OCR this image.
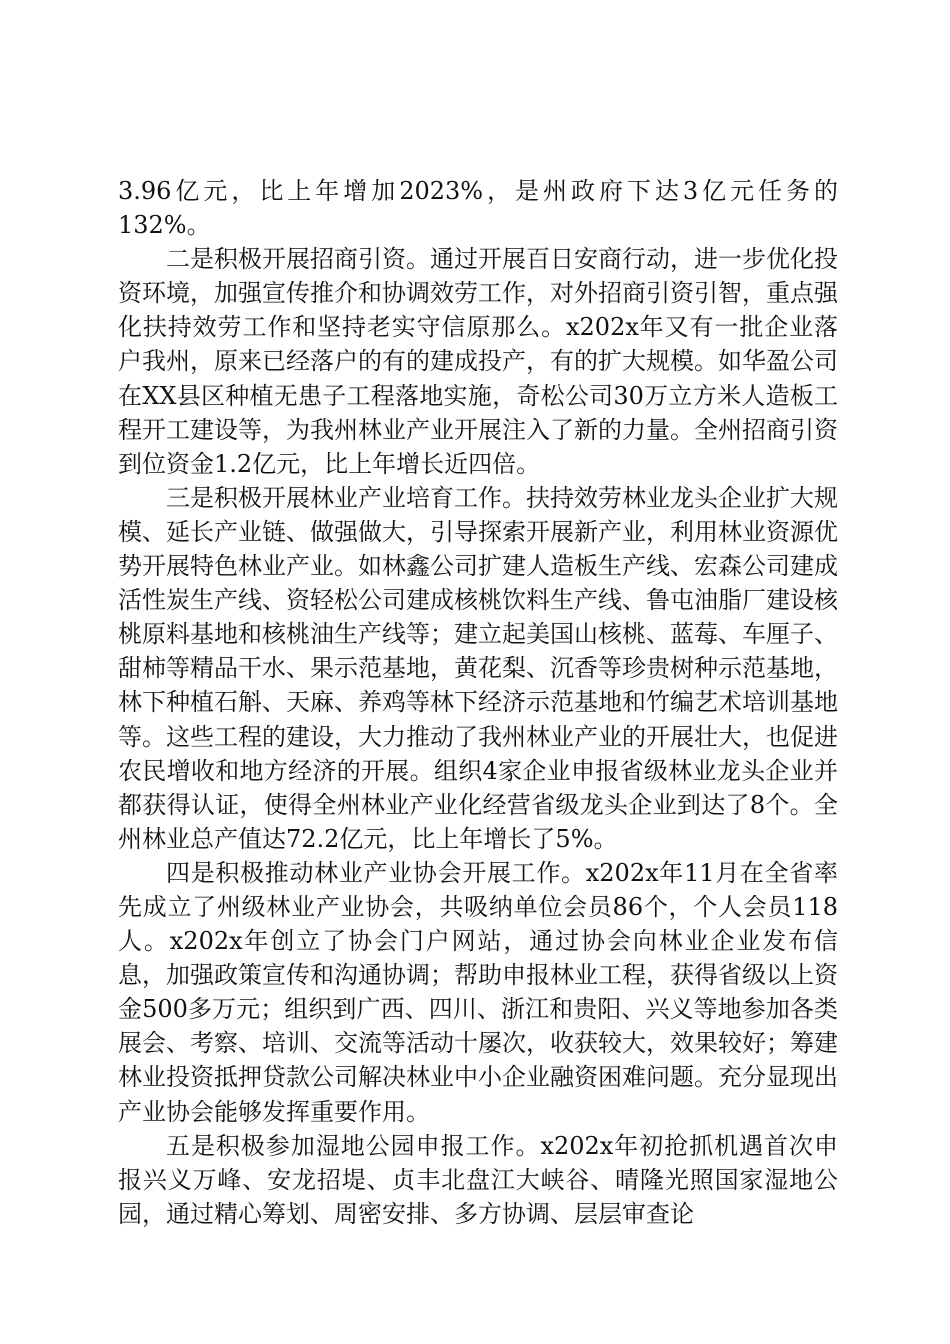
3.96亿元，比上年增加2023%，是州政府下达3亿元任务的132%。

二是积极开展招商引资。通过开展百日安商行动，进一步优化投资环境，加强宣传推介和协调效劳工作，对外招商引资引智，重点强化扶持效劳工作和坚持老实守信原那么。x202x年又有一批企业落户我州，原来已经落户的有的建成投产，有的扩大规模。如华盈公司在XX县区种植无患子工程落地实施，奇松公司30万立方米人造板工程开工建设等，为我州林业产业开展注入了新的力量。全州招商引资到位资金1.2亿元，比上年增长近四倍。

三是积极开展林业产业培育工作。扶持效劳林业龙头企业扩大规模、延长产业链、做强做大，引导探索开展新产业，利用林业资源优势开展特色林业产业。如林鑫公司扩建人造板生产线、宏森公司建成活性炭生产线、资轻松公司建成核桃饮料生产线、鲁屯油脂厂建设核桃原料基地和核桃油生产线等；建立起美国山核桃、蓝莓、车厘子、甜柿等精品干水、果示范基地，黄花梨、沉香等珍贵树种示范基地，林下种植石斛、天麻、养鸡等林下经济示范基地和竹编艺术培训基地等。这些工程的建设，大力推动了我州林业产业的开展壮大，也促进农民增收和地方经济的开展。组织4家企业申报省级林业龙头企业并都获得认证，使得全州林业产业化经营省级龙头企业到达了8个。全州林业总产值达72.2亿元，比上年增长了5%。

四是积极推动林业产业协会开展工作。x202x年11月在全省率先成立了州级林业产业协会，共吸纳单位会员86个，个人会员118人。x202x年创立了协会门户网站，通过协会向林业企业发布信息，加强政策宣传和沟通协调；帮助申报林业工程，获得省级以上资金500多万元；组织到广西、四川、浙江和贵阳、兴义等地参加各类展会、考察、培训、交流等活动十屡次，收获较大，效果较好；筹建林业投资抵押贷款公司解决林业中小企业融资困难问题。充分显现出产业协会能够发挥重要作用。

五是积极参加湿地公园申报工作。x202x年初抢抓机遇首次申报兴义万峰、安龙招堤、贞丰北盘江大峡谷、晴隆光照国家湿地公园，通过精心筹划、周密安排、多方协调、层层审查论
